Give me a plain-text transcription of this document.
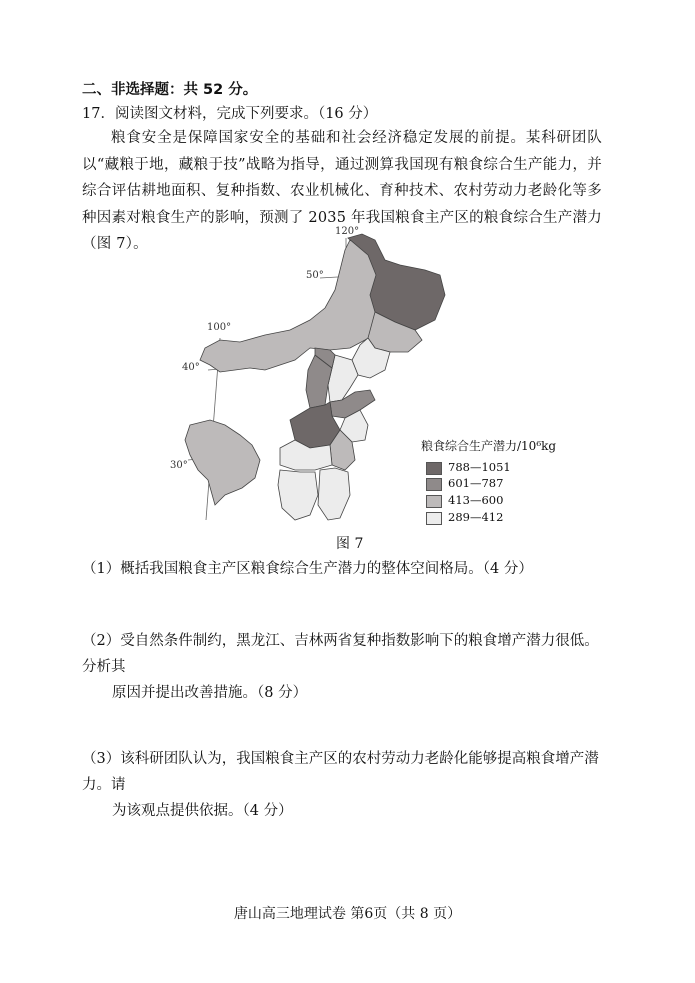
二、非选择题：共 52 分。
17．阅读图文材料，完成下列要求。（16 分）
粮食安全是保障国家安全的基础和社会经济稳定发展的前提。某科研团队以“藏粮于地，藏粮于技”战略为指导，通过测算我国现有粮食综合生产能力，并综合评估耕地面积、复种指数、农业机械化、育种技术、农村劳动力老龄化等多种因素对粮食生产的影响，预测了 2035 年我国粮食主产区的粮食综合生产潜力（图 7）。
120°
100°
50°
40°
30°
粮食综合生产潜力/10⁶kg
788—1051
601—787
413—600
289—412
图 7
（1）概括我国粮食主产区粮食综合生产潜力的整体空间格局。（4 分）
（2）受自然条件制约，黑龙江、吉林两省复种指数影响下的粮食增产潜力很低。分析其
原因并提出改善措施。（8 分）
（3）该科研团队认为，我国粮食主产区的农村劳动力老龄化能够提高粮食增产潜力。请
为该观点提供依据。（4 分）
唐山高三地理试卷 第6页（共 8 页）
